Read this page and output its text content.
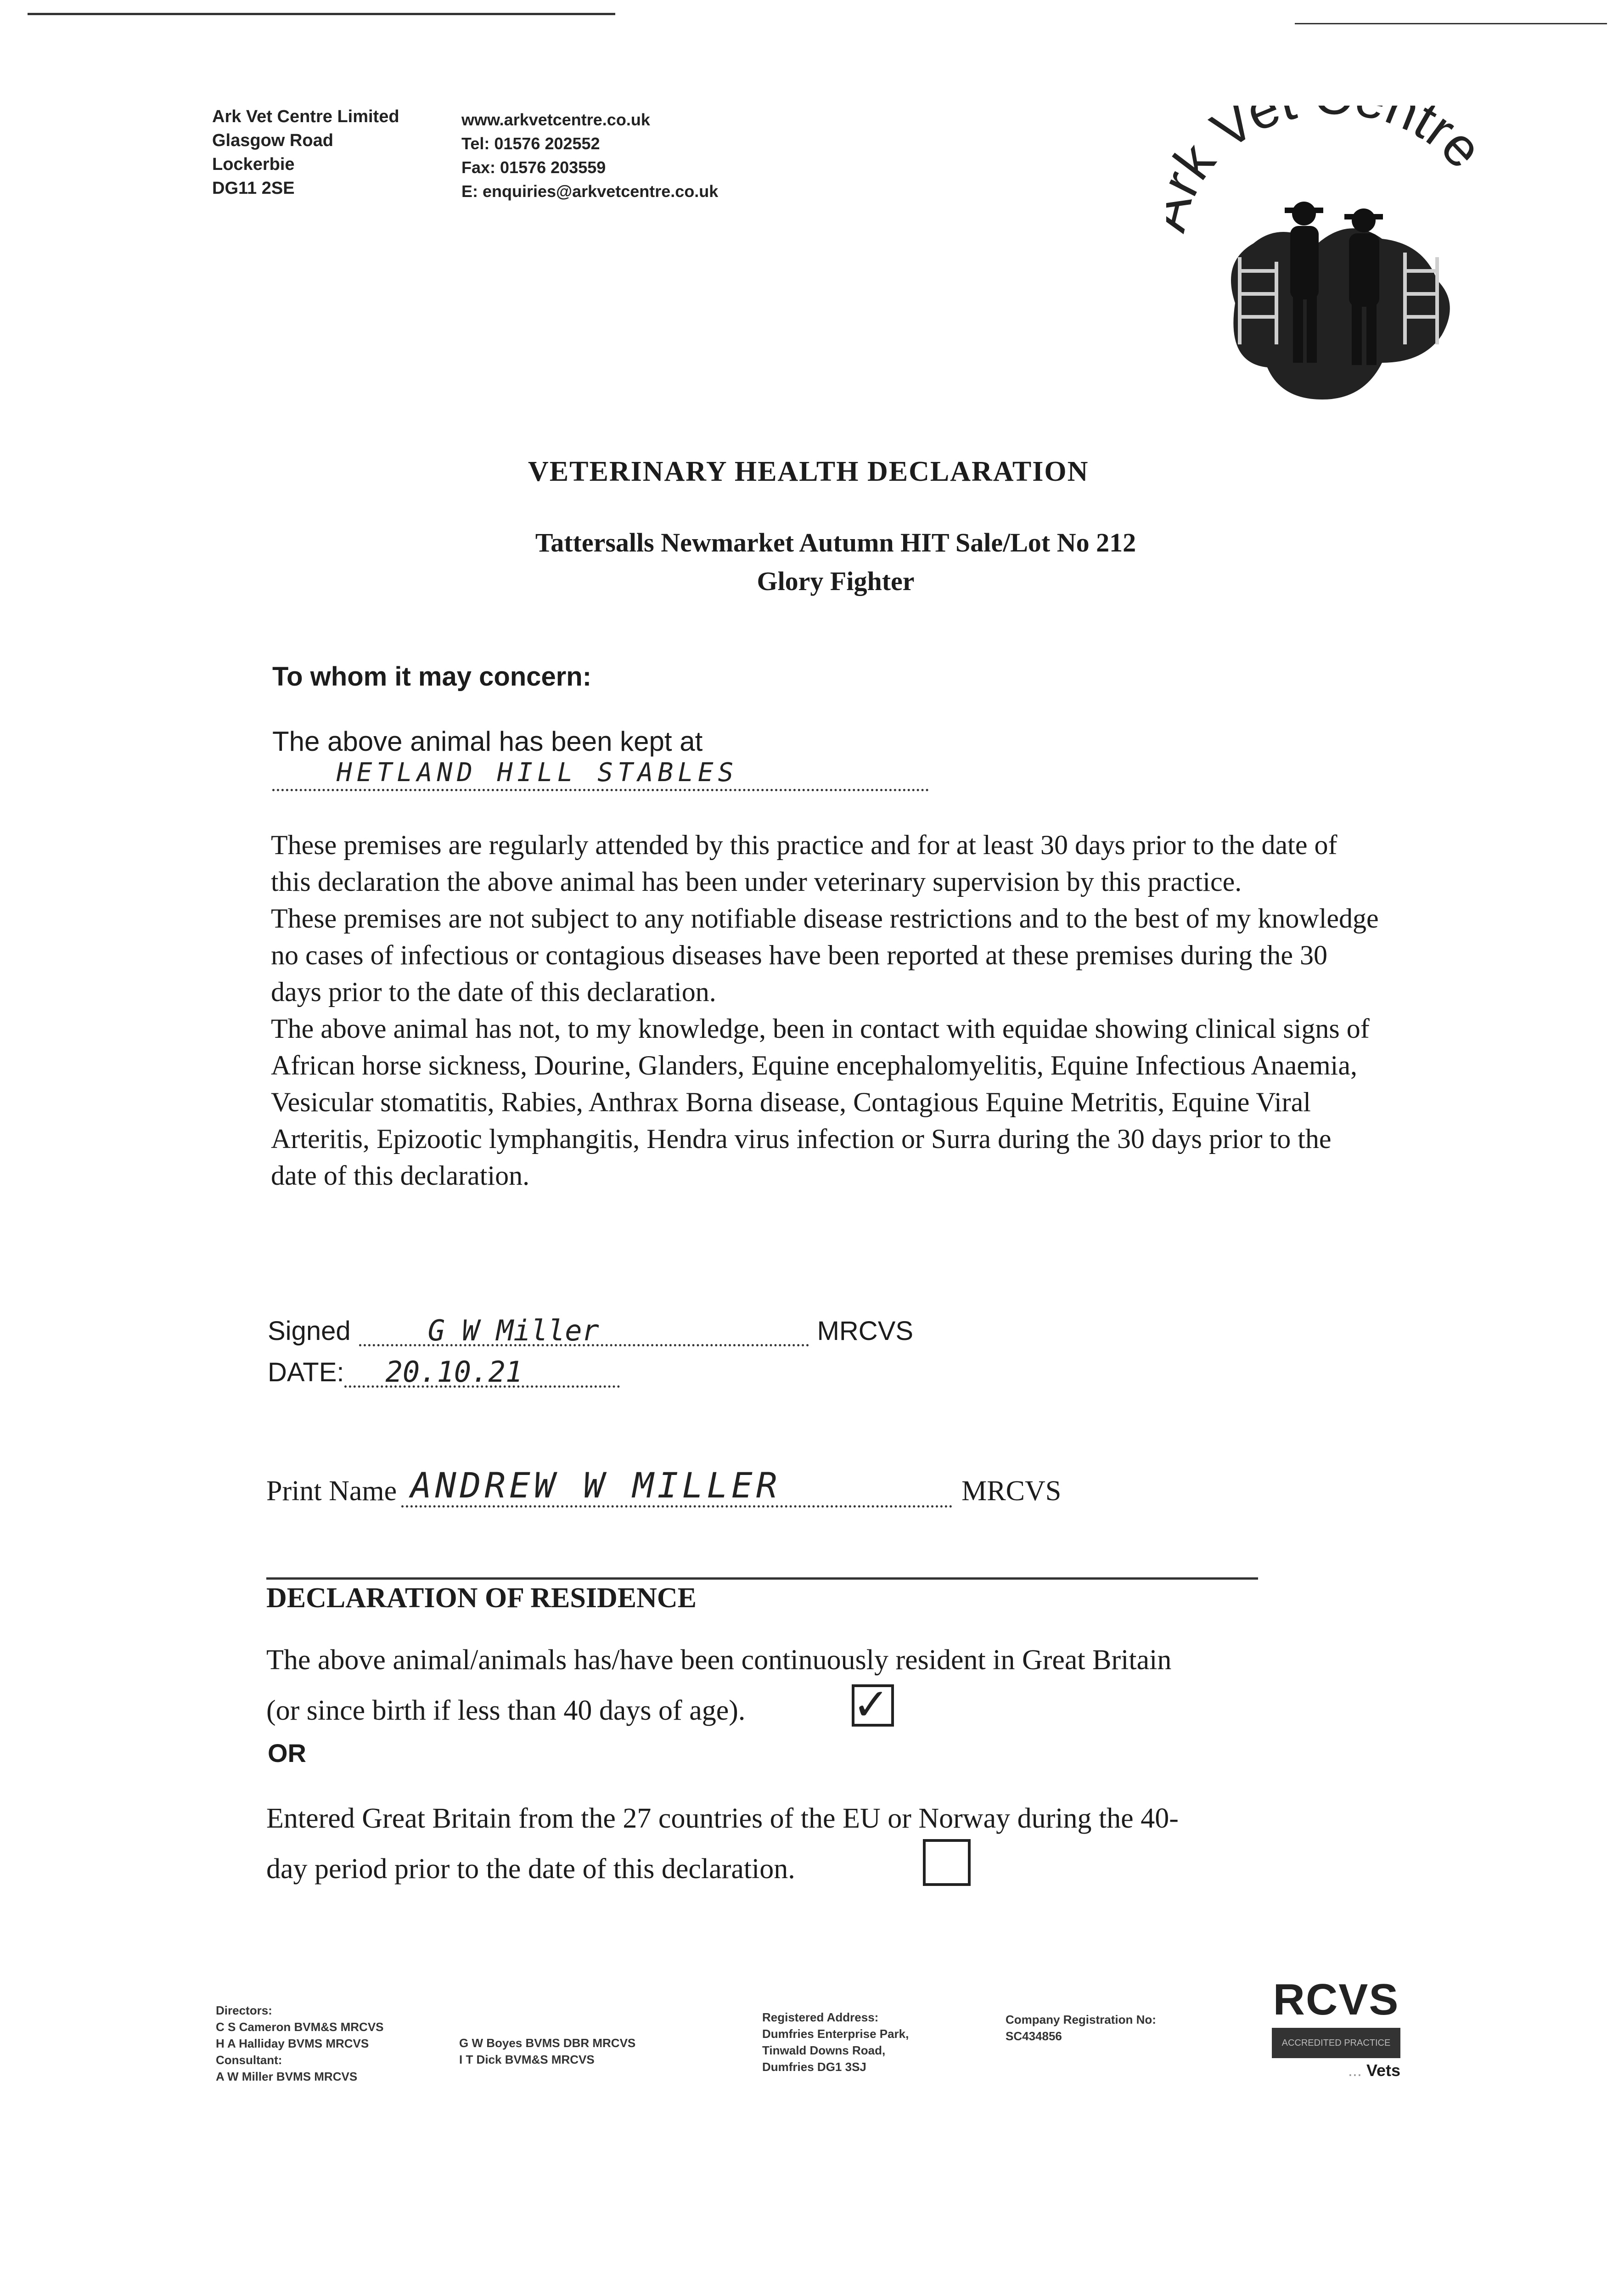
Ark Vet Centre Limited
Glasgow Road
Lockerbie
DG11 2SE
www.arkvetcentre.co.uk
Tel: 01576 202552
Fax: 01576 203559
E: enquiries@arkvetcentre.co.uk
k Ve ntre
VETERINARY HEALTH DECLARATION
Tattersalls Newmarket Autumn HIT Sale/Lot No 212
Glory Fighter
To whom it may concern:
The above animal has been kept at
HETLAND HILL STABLES
These premises are regularly attended by this practice and for at least 30 days prior to the date of this declaration the above animal has been under veterinary supervision by this practice.
These premises are not subject to any notifiable disease restrictions and to the best of my knowledge no cases of infectious or contagious diseases have been reported at these premises during the 30 days prior to the date of this declaration.
The above animal has not, to my knowledge, been in contact with equidae showing clinical signs of African horse sickness, Dourine, Glanders, Equine encephalomyelitis, Equine Infectious Anaemia, Vesicular stomatitis, Rabies, Anthrax Borna disease, Contagious Equine Metritis, Equine Viral Arteritis, Epizootic lymphangitis, Hendra virus infection or Surra during the 30 days prior to the date of this declaration.
Signed	G W Miller	MRCVS
DATE: 20.10.21
Print Name ANDREW W MILLER	MRCVS
DECLARATION OF RESIDENCE
The above animal/animals has/have been continuously resident in Great Britain
(or since birth if less than 40 days of age). ✓
OR
Entered Great Britain from the 27 countries of the EU or Norway during the 40-
day period prior to the date of this declaration.
Directors:
C S Cameron BVM&S MRCVS
H A Halliday BVMS MRCVS
Consultant:
A W Miller BVMS MRCVS
G W Boyes BVMS DBR MRCVS
I T Dick BVM&S MRCVS
Registered Address:
Dumfries Enterprise Park,
Tinwald Downs Road,
Dumfries DG1 3SJ
Company Registration No:
SC434856
RCVS
ACCREDITED PRACTICE
... Vets
